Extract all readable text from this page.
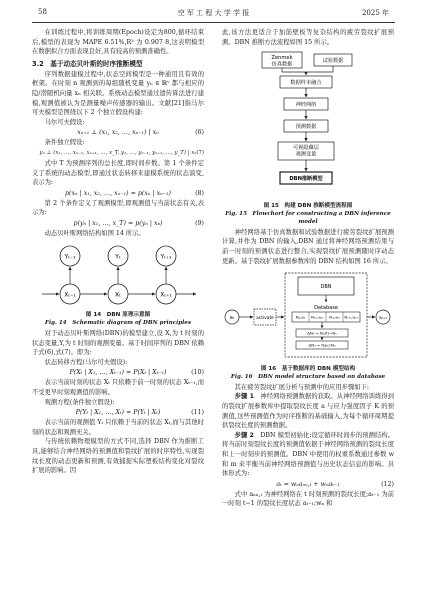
58	空 军 工 程 大 学 学 报	2025 年

在训练过程中,将训练周期(Epoch)设定为800,循环结束后,模型的表现为 MAPE 6.51%,R² 为 0.907 8,这表明模型在数据拟合方面表现良好,具有较高的预测准确性。

3.2　基于动态贝叶斯的时序推断模型

序列数据建模过程中,状态空间模型是一种通用且有效的框架。在时刻 n 观测到的每组随机变量 yₙ ∈ ℝᵛ 都与相应的隐/潜随机向量 xₙ 相关联。系统动态模型通过遗传算法进行建模,观测值被认为是测量噪声传感器的输出。文献[21]指马尔可夫模型是图绕以下 2 个独立假设构建:

马尔可夫假设:

xₙ₊₁ ⊥ (x₁, x₂, …, xₙ₋₁) | xₙ	(6)

条件独立假设:

yₙ ⊥ (x₁, …, xₙ₋₁, xₙ₊₁, …, x_T, y₁, …, yₙ₋₁, yₙ₊₁, …, y_T) | xₙ (7)

式中 T 为预测序列的总长度,即时间步数。第 1 个条件定义了系统的动态模型,即通过状态转移来建模系统的状态演变,表示为:

p(xₙ | x₁, x₂, …, xₙ₋₁) = p(xₙ | xₙ₋₁)	(8)

第 2 个条件定义了观测模型,即观测值与当前状态有关,表示为:

p(yₙ | x₁, …, x_T) = p(yₙ | xₙ)	(9)

动态贝叶斯网络结构如图 14 所示。

Yₜ₋₁	Yₜ	Yₜ₊₁
Xₜ₋₁	Xₜ	Xₜ₊₁

图 14　DBN 原理示意图

Fig. 14　Schematic diagram of DBN principles

对于动态贝叶斯网络(DBN)的模型建立,设 X,为 t 时刻的状态变量,Y,为 t 时刻的观测变量。基于时间序列的 DBN 依赖于式(6),式(7)。即为:

状态转移方程(马尔可夫假设):

P(Xₜ | X₁, …, Xₜ₋₁) = P(Xₜ | Xₜ₋₁)	(10)

表示当前时刻的状态 Xₜ 只依赖于前一时刻的状态 Xₜ₋₁,而不受更早时刻观测值的影响。

观测方程(条件独立假设):

P(Yₜ | X₁, …, Xₜ) = P(Yₜ | Xₜ)	(11)

表示当前的观测值 Yₜ 只依赖于当前的状态 Xₜ,而与其他时刻的状态和观测无关。

与传统依赖物理模型的方式不同,选择 DBN 作为推断工具,能够结合神经网络的预测值和裂纹扩展的时序特性,实现裂纹长度的动态更新和预测,有效捕捉实际塑板结构变化对裂纹扩展的影响。因

此,该方法更适合于加筋壁板等复杂结构的疲劳裂纹扩展预测。DBN 推断方法流程如图 15 所示。

Zenmek 仿真数据
试验数据
数据样本融合
神经网络
预测数据
可视隐藏层观测变量
DBN推断模型

图 15　构建 DBN 推断模型流程图

Fig. 15　Flowchart for constructing a DBN inference model

神经网络基于仿真数据和试验数据进行疲劳裂纹扩展预测计算,并作为 DBN 的输入,DBN 通过将神经网络预测结果与前一时刻的预测状态进行整合,实现裂纹扩展预测随时序动态更新。基于裂纹扩展数据参数库的 DBN 结构如图 16 所示。

aₜ	activate
Database
N₁,a₁ Nₙₖ,aₙₖ Nₙₗ,aₙₗ Nₙₘ,aₙₘ
ΔNₙ = Nₙ(t)−Nₙ
ΔNₙ = f(aₙ)·Nₙ
DBN
aₜ₊₁

图 16　基于数据库的 DBN 模型结构

Fig. 16　DBN model structure based on database

其在疲劳裂纹扩展分析与预测中的应用步骤如下:

步骤 1　 神经网络预测数据的获取。从神经网络训练得到的裂纹扩展参数库中提取裂纹长度 a 与应力强度因子 K 的预测值,这些预测值作为时序推断的基础输入,为每个循环周期提供裂纹长度的预测数据。

步骤 2　 DBN 模型初始化:设定循环时间步的预测结构。将当前时刻裂纹长度的预测值依据于神经网络预测的裂纹长度和上一时刻步的预测值。DBN 中使用的权重系数通过参数 w 和 m 来平衡当前神经网络预测值与历史状态信息的影响。具体形式为:

aₜ = wₙaₙₙ,ₜ + wₙaₜ₋₁	(12)

式中 aₙₙ,ₜ 为神经网络在 t 时刻预测的裂纹长度;aₜ₋₁ 为前一时刻 t−1 的裂纹长度状态 aₜ₋₁;wₙ 和
